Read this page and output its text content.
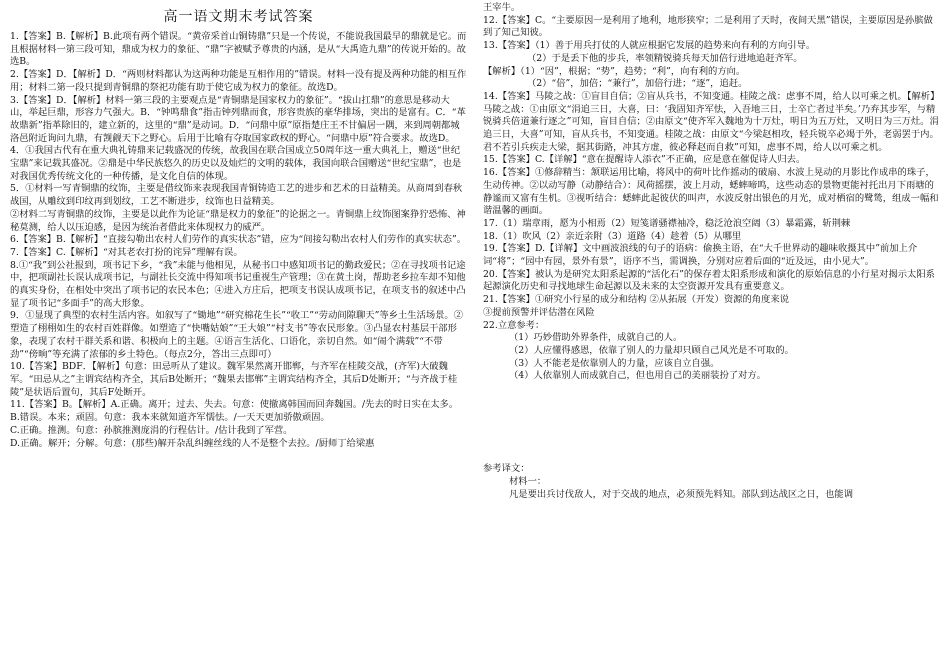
高一语文期末考试答案

1.【答案】B.【解析】B.此项有两个错误。“黄帝采首山铜铸鼎”只是一个传说，不能说我国最早的鼎就是它。而且根据材料一第三段可知，鼎成为权力的象征、“鼎”字被赋予尊贵的内涵，是从“大禹造九鼎”的传说开始的。故选B。

2.【答案】D．【解析】D．“两则材料都认为这两种功能是互相作用的”错误。材料一没有提及两种功能的相互作用；材料二第一段只提到青铜鼎的祭祀功能有助于使它成为权力的象征。故选D。

3.【答案】D．【解析】材料一第三段的主要观点是“青铜鼎是国家权力的象征”。“拔山扛鼎”的意思是移动大山，举起巨鼎，形容力气强大。B．“钟鸣鼎食”指击钟列鼎而食，形容贵族的豪华排场，突出的是富有。C．“革故鼎新”指革除旧的，建立新的，这里的“鼎”是动词。D．“问鼎中原”原指楚庄王不甘偏居一隅，来到周朝都城洛邑附近询问九鼎，有觊觎天下之野心。后用于比喻有夺取国家政权的野心。“问鼎中原”符合要求。故选D。

4．①我国古代有在重大典礼铸鼎来记载盛况的传统，故我国在联合国成立50周年这一重大典礼上，赠送“世纪宝鼎”来记载其盛况。②鼎是中华民族悠久的历史以及灿烂的文明的载体，我国向联合国赠送“世纪宝鼎”，也是对我国优秀传统文化的一种传播，是文化自信的体现。

5．①材料一写青铜鼎的纹饰，主要是借纹饰来表现我国青铜铸造工艺的进步和艺术的日益精美。从商周到春秋战国，从雕纹到印纹再到划纹，工艺不断进步，纹饰也日益精美。

②材料二写青铜鼎的纹饰，主要是以此作为论证“鼎是权力的象征”的论据之一。青铜鼎上纹饰图案狰狞恐怖、神秘莫测，给人以压迫感，是因为统治者借此来体现权力的威严。

6.【答案】B.【解析】“直接勾勒出农村人们劳作的真实状态”错，应为“间接勾勒出农村人们劳作的真实状态”。

7.【答案】C.【解析】“对其老农打扮的诧异”理解有误。

8.①“我”到公社报到，项书记下乡，“我”未能与他相见，从秘书口中感知项书记的勤政爱民；②在寻找项书记途中，把项副社长误认成项书记，与副社长交流中得知项书记重视生产管理；③在黄土岗，帮助老乡拉车却不知他的真实身份，在相处中突出了项书记的农民本色；④进入方庄后，把项支书误认成项书记，在项支书的叙述中凸显了项书记“多面手”的高大形象。

9．①显现了典型的农村生活内容。如叙写了“锄地”“研究棉花生长”“收工”“劳动间隙聊天”等乡土生活场景。②塑造了栩栩如生的农村百姓群像。如塑造了“快嘴姑娘”“王大娘”“村支书”等农民形象。③凸显农村基层干部形象，表现了农村干群关系和谐、积极向上的主题。④语言生活化、口语化，亲切自然。如“闹个满载”“不带劲”“傍晌”等充满了浓郁的乡土特色。（每点2分，答出三点即可）

10.【答案】BDF．【解析】句意：田忌听从了建议。魏军果然离开邯郸，与齐军在桂陵交战，(齐军)大破魏军。“田忌从之”主谓宾结构齐全，其后B处断开；“魏果去邯郸”主谓宾结构齐全，其后D处断开；“与齐战于桂陵”是状语后置句，其后F处断开。

11.【答案】B。【解析】A.正确。离开；过去、失去。句意：使撤离韩国而回奔魏国。/先去的时日实在太多。

B.错误。本来；顽固。句意：我本来就知道齐军懦怯。/一天天更加骄傲顽固。

C.正确。推测。句意：孙膑推测庞涓的行程估计。/估计我到了军营。

D.正确。解开；分解。句意：(那些)解开杂乱纠缠丝线的人不是整个去拉。/厨师丁给梁惠

王宰牛。

12.【答案】C。“主要原因一是利用了地利，地形狭窄；二是利用了天时，夜间天黑”错误，主要原因是孙膑做到了知己知彼。

13.【答案】（1）善于用兵打仗的人就应根据它发展的趋势来向有利的方向引导。

（2）于是丢下他的步兵，率领精锐骑兵每天加倍行进地追赶齐军。

【解析】（1）“因”，根据；“势”，趋势；“利”，向有利的方向。

（2）“倍”，加倍；“兼行”，加倍行进；“逐”，追赶。

14.【答案】马陵之战：①盲目自信；②盲从兵书，不知变通。桂陵之战：虑事不周，给人以可乘之机。【解析】马陵之战：①由原文“涓追三日，大喜，曰：‘我固知齐军怯，入吾地三日，士卒亡者过半矣。’乃弃其步军，与精锐骑兵倍道兼行逐之”可知，盲目自信；②由原文“使齐军入魏地为十万灶，明日为五万灶，又明日为三万灶。涓追三日，大喜”可知，盲从兵书，不知变通。桂陵之战：由原文“今梁赵相攻，轻兵锐卒必竭于外，老弱罢于内。君不若引兵疾走大梁，据其街路，冲其方虚，彼必释赵而自救”可知，虑事不周，给人以可乘之机。

15.【答案】C.【详解】“意在提醒诗人添衣”不正确，应是意在催促诗人归去。

16.【答案】①修辞精当：颔联运用比喻，将风中的荷叶比作摇动的破扇、水波上晃动的月影比作成串的珠子，生动传神。②以动写静（动静结合）：风荷摇摆，波上月动，蟋蟀啼鸣，这些动态的景物更能衬托出月下雨塘的静谧而又富有生机。③视听结合：蟋蟀此起彼伏的叫声，水波反射出银色的月光，成对栖宿的鹭鸶，组成一幅和谐温馨的画面。

17.（1）瑞章雨，愿为小相焉（2）短笺谱骚襟袖冷，稳泛沧浪空阔（3）暴霜露，斩荆棘

18.（1）吹风（2）亲近亲附（3）道路（4）趁着（5）从哪里

19.【答案】D.【详解】文中画波浪线的句子的语病：偷换主语，在“大千世界动的趣味收摄其中”前加上介词“将”；“园中有园，景外有景”，语序不当，需调换，分别对应着后面的“近及远，由小见大”。

20.【答案】被认为是研究太阳系起源的“活化石”的保存着太阳系形成和演化的原始信息的小行星对揭示太阳系起源演化历史和寻找地球生命起源以及未来的太空资源开发具有重要意义。

21.【答案】①研究小行星的成分和结构 ②从拓展（开发）资源的角度来说

③提前预警并评估潜在风险

22.立意参考：

（1）巧妙借助外界条件，成就自己的人。

（2）人应懂得感恩，依靠了别人的力量却只顾自己风光是不可取的。

（3）人不能老是依靠别人的力量，应该自立自强。

（4）人依靠别人而成就自己，但也用自己的美丽装扮了对方。

参考译文：

材料一：

凡是要出兵讨伐敌人，对于交战的地点，必须预先料知。部队到达战区之日，也能调
